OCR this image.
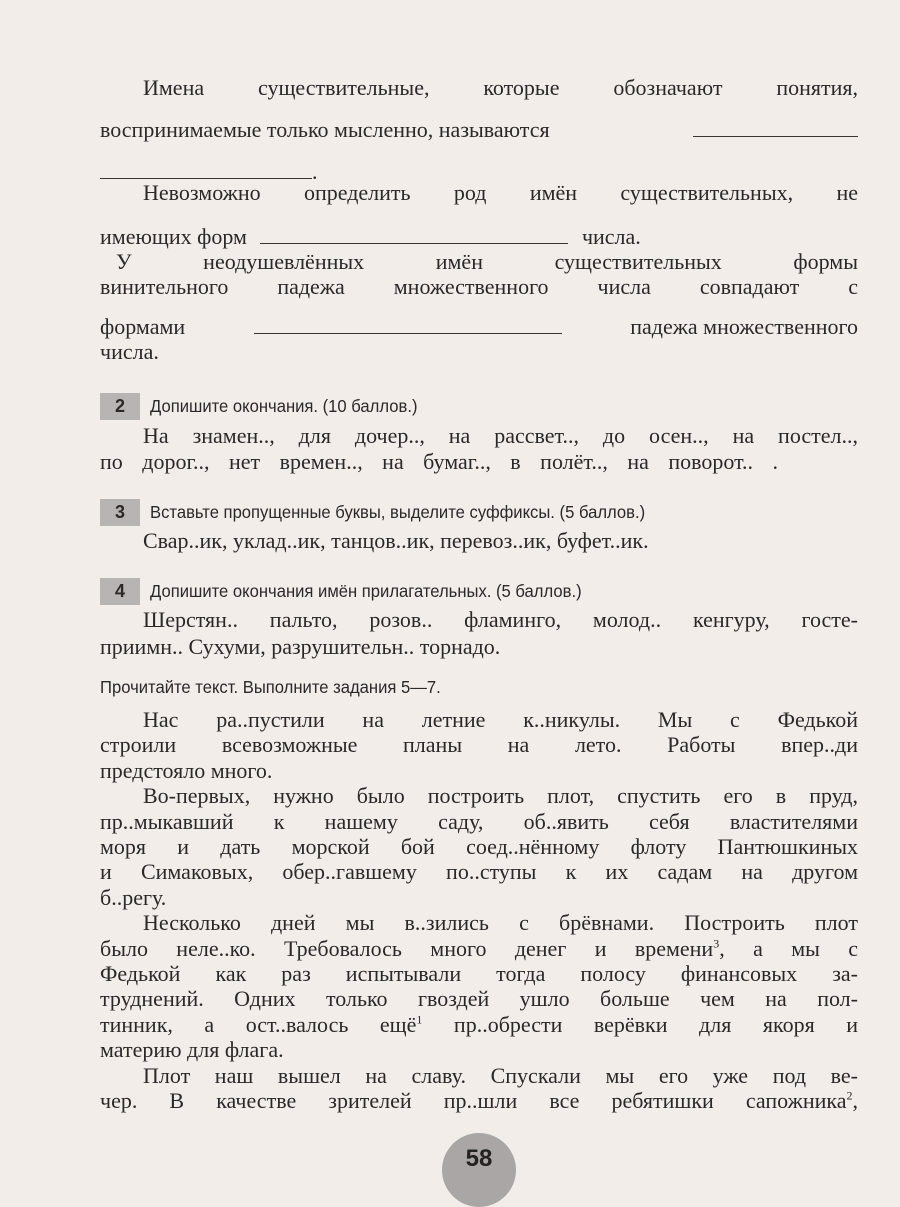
Имена существительные, которые обозначают понятия,
воспринимаемые только мысленно, называются
.
Невозможно определить род имён существительных, не
имеющих форм	числа.
У неодушевлённых имён существительных формы
винительного падежа множественного числа совпадают с
формами	падежа множественного
числа.
2	Допишите окончания. (10 баллов.)
На знамен.., для дочер.., на рассвет.., до осен.., на постел..,
по дорог.., нет времен.., на бумаг.., в полёт.., на поворот.. .
3	Вставьте пропущенные буквы, выделите суффиксы. (5 баллов.)
Свар..ик, уклад..ик, танцов..ик, перевоз..ик, буфет..ик.
4	Допишите окончания имён прилагательных. (5 баллов.)
Шерстян.. пальто, розов.. фламинго, молод.. кенгуру, госте-
приимн.. Сухуми, разрушительн.. торнадо.
Прочитайте текст. Выполните задания 5—7.
Нас ра..пустили на летние к..никулы. Мы с Федькой
строили всевозможные планы на лето. Работы впер..ди
предстояло много.
Во-первых, нужно было построить плот, спустить его в пруд,
пр..мыкавший к нашему саду, об..явить себя властителями
моря и дать морской бой соед..нённому флоту Пантюшкиных
и Симаковых, обер..гавшему по..ступы к их садам на другом
б..регу.
Несколько дней мы в..зились с брёвнами. Построить плот
было неле..ко. Требовалось много денег и времени$^3$, а мы с
Федькой как раз испытывали тогда полосу финансовых за-
труднений. Одних только гвоздей ушло больше чем на пол-
тинник, а ост..валось ещё$^1$ пр..обрести верёвки для якоря и
материю для флага.
Плот наш вышел на славу. Спускали мы его уже под ве-
чер. В качестве зрителей пр..шли все ребятишки сапожника$^2$,
58
